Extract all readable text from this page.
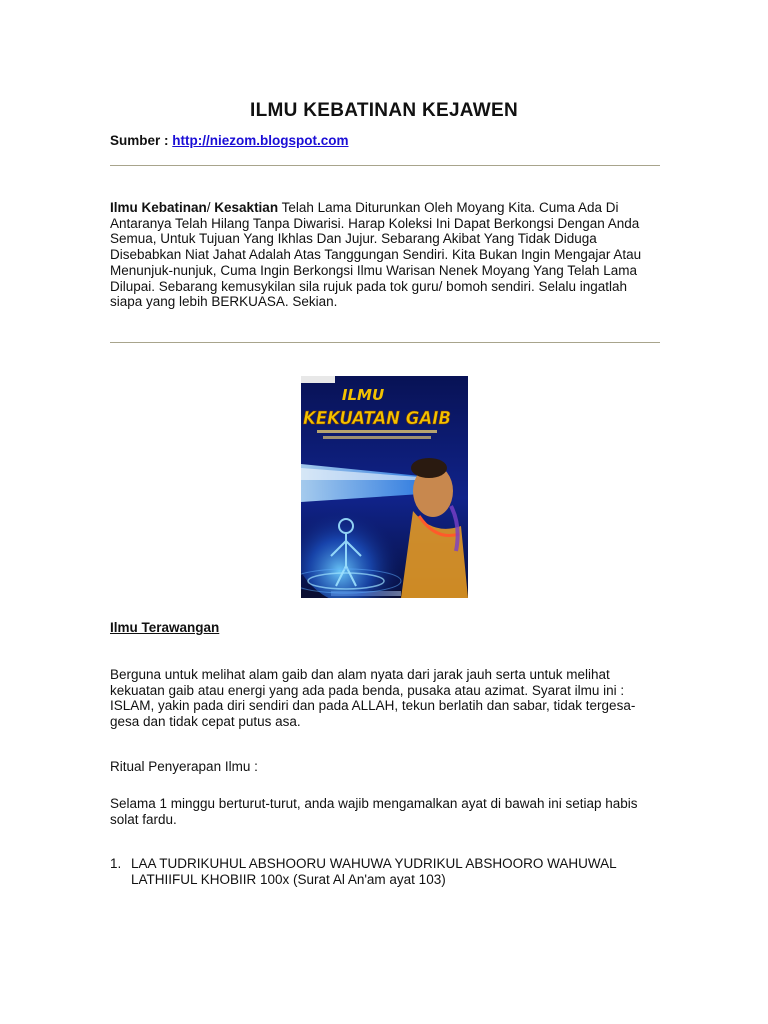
ILMU KEBATINAN KEJAWEN
Sumber : http://niezom.blogspot.com

Ilmu Kebatinan/ Kesaktian Telah Lama Diturunkan Oleh Moyang Kita. Cuma Ada Di Antaranya Telah Hilang Tanpa Diwarisi. Harap Koleksi Ini Dapat Berkongsi Dengan Anda Semua, Untuk Tujuan Yang Ikhlas Dan Jujur. Sebarang Akibat Yang Tidak Diduga Disebabkan Niat Jahat Adalah Atas Tanggungan Sendiri. Kita Bukan Ingin Mengajar Atau Menunjuk-nunjuk, Cuma Ingin Berkongsi Ilmu Warisan Nenek Moyang Yang Telah Lama Dilupai. Sebarang kemusykilan sila rujuk pada tok guru/ bomoh sendiri. Selalu ingatlah siapa yang lebih BERKUASA. Sekian.

ILMU
KEKUATAN GAIB
Ilmu Terawangan

Berguna untuk melihat alam gaib dan alam nyata dari jarak jauh serta untuk melihat kekuatan gaib atau energi yang ada pada benda, pusaka atau azimat. Syarat ilmu ini : ISLAM, yakin pada diri sendiri dan pada ALLAH, tekun berlatih dan sabar, tidak tergesa-gesa dan tidak cepat putus asa.

Ritual Penyerapan Ilmu :

Selama 1 minggu berturut-turut, anda wajib mengamalkan ayat di bawah ini setiap habis solat fardu.

1. LAA TUDRIKUHUL ABSHOORU WAHUWA YUDRIKUL ABSHOORO WAHUWAL LATHIIFUL KHOBIIR 100x (Surat Al An'am ayat 103)
